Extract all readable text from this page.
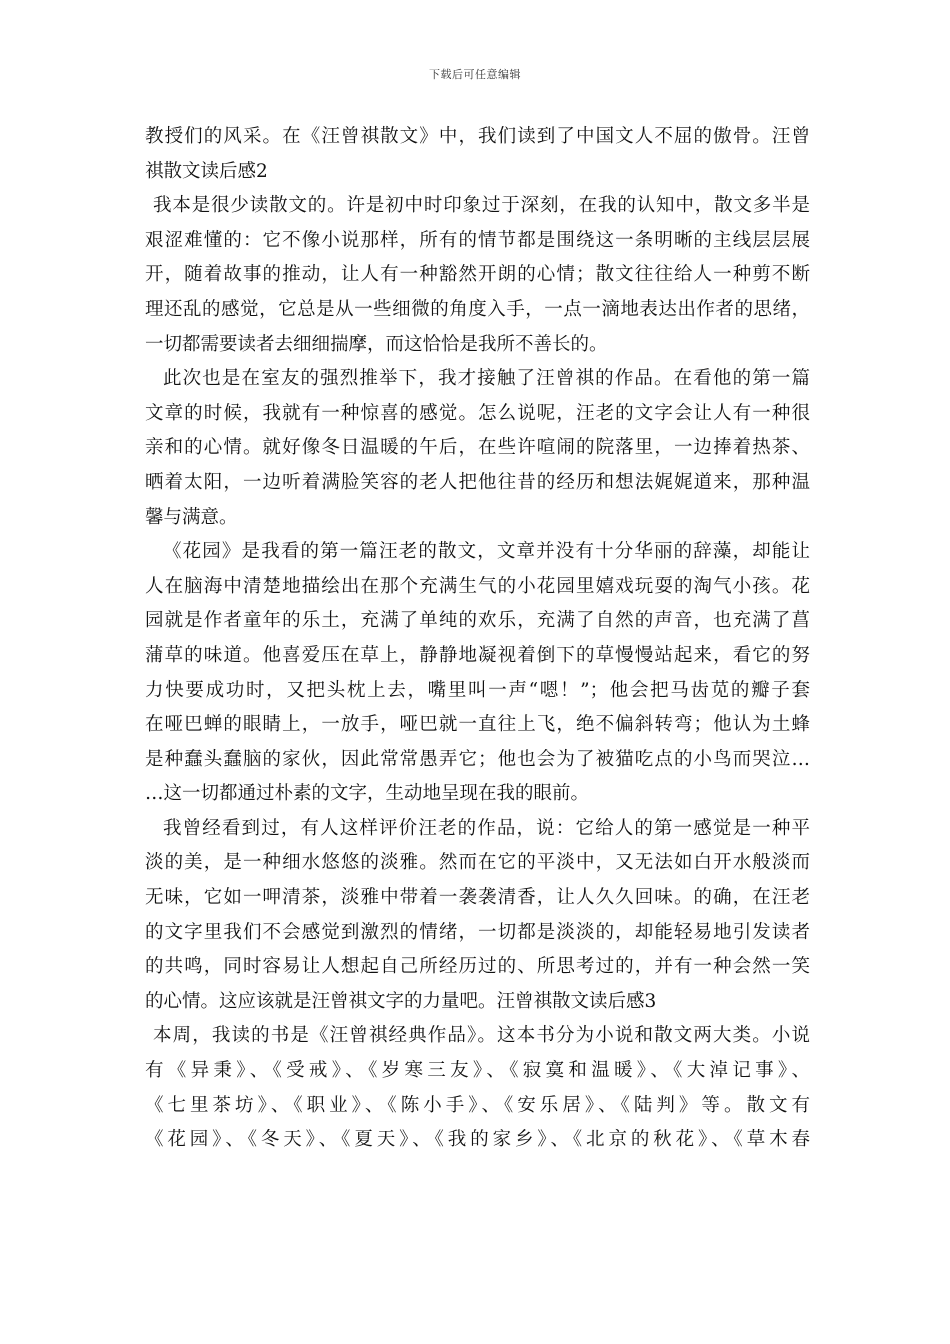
下载后可任意编辑
教授们的风采。在《汪曾祺散文》中，我们读到了中国文人不屈的傲骨。汪曾
祺散文读后感2
我本是很少读散文的。许是初中时印象过于深刻，在我的认知中，散文多半是
艰涩难懂的：它不像小说那样，所有的情节都是围绕这一条明晰的主线层层展
开，随着故事的推动，让人有一种豁然开朗的心情；散文往往给人一种剪不断
理还乱的感觉，它总是从一些细微的角度入手，一点一滴地表达出作者的思绪，
一切都需要读者去细细揣摩，而这恰恰是我所不善长的。
此次也是在室友的强烈推举下，我才接触了汪曾祺的作品。在看他的第一篇
文章的时候，我就有一种惊喜的感觉。怎么说呢，汪老的文字会让人有一种很
亲和的心情。就好像冬日温暖的午后，在些许喧闹的院落里，一边捧着热茶、
晒着太阳，一边听着满脸笑容的老人把他往昔的经历和想法娓娓道来，那种温
馨与满意。
《花园》是我看的第一篇汪老的散文，文章并没有十分华丽的辞藻，却能让
人在脑海中清楚地描绘出在那个充满生气的小花园里嬉戏玩耍的淘气小孩。花
园就是作者童年的乐土，充满了单纯的欢乐，充满了自然的声音，也充满了菖
蒲草的味道。他喜爱压在草上，静静地凝视着倒下的草慢慢站起来，看它的努
力快要成功时，又把头枕上去，嘴里叫一声“嗯！”；他会把马齿苋的瓣子套
在哑巴蝉的眼睛上，一放手，哑巴就一直往上飞，绝不偏斜转弯；他认为土蜂
是种蠢头蠢脑的家伙，因此常常愚弄它；他也会为了被猫吃点的小鸟而哭泣…
…这一切都通过朴素的文字，生动地呈现在我的眼前。
我曾经看到过，有人这样评价汪老的作品，说：它给人的第一感觉是一种平
淡的美，是一种细水悠悠的淡雅。然而在它的平淡中，又无法如白开水般淡而
无味，它如一呷清茶，淡雅中带着一袭袭清香，让人久久回味。的确，在汪老
的文字里我们不会感觉到激烈的情绪，一切都是淡淡的，却能轻易地引发读者
的共鸣，同时容易让人想起自己所经历过的、所思考过的，并有一种会然一笑
的心情。这应该就是汪曾祺文字的力量吧。汪曾祺散文读后感3
本周，我读的书是《汪曾祺经典作品》。这本书分为小说和散文两大类。小说
有《异秉》、《受戒》、《岁寒三友》、《寂寞和温暖》、《大淖记事》、
《七里茶坊》、《职业》、《陈小手》、《安乐居》、《陆判》等。散文有
《花园》、《冬天》、《夏天》、《我的家乡》、《北京的秋花》、《草木春
